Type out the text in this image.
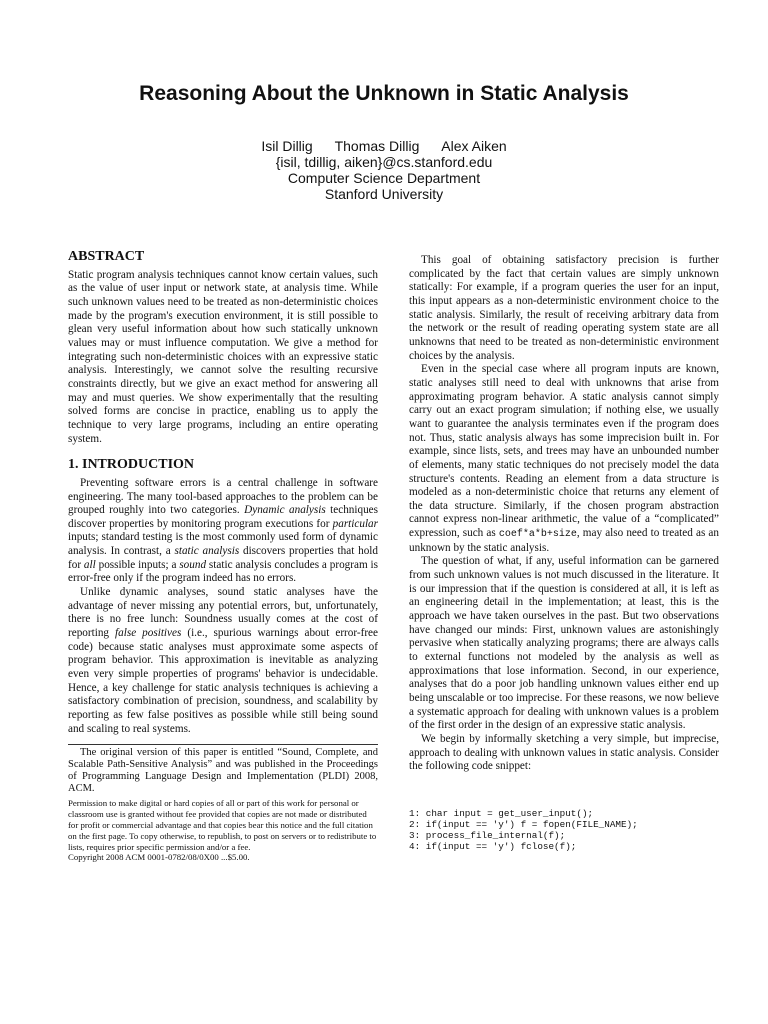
Reasoning About the Unknown in Static Analysis
Isil Dillig Thomas Dillig Alex Aiken
{isil, tdillig, aiken}@cs.stanford.edu
Computer Science Department
Stanford University
ABSTRACT

Static program analysis techniques cannot know certain values, such as the value of user input or network state, at analysis time. While such unknown values need to be treated as non-deterministic choices made by the program's execution environment, it is still possible to glean very useful information about how such statically unknown values may or must influence computation. We give a method for integrating such non-deterministic choices with an expressive static analysis. Interestingly, we cannot solve the resulting recursive constraints directly, but we give an exact method for answering all may and must queries. We show experimentally that the resulting solved forms are concise in practice, enabling us to apply the technique to very large programs, including an entire operating system.

1. INTRODUCTION

Preventing software errors is a central challenge in software engineering. The many tool-based approaches to the problem can be grouped roughly into two categories. Dynamic analysis techniques discover properties by monitoring program executions for particular inputs; standard testing is the most commonly used form of dynamic analysis. In contrast, a static analysis discovers properties that hold for all possible inputs; a sound static analysis concludes a program is error-free only if the program indeed has no errors.

Unlike dynamic analyses, sound static analyses have the advantage of never missing any potential errors, but, unfortunately, there is no free lunch: Soundness usually comes at the cost of reporting false positives (i.e., spurious warnings about error-free code) because static analyses must approximate some aspects of program behavior. This approximation is inevitable as analyzing even very simple properties of programs' behavior is undecidable. Hence, a key challenge for static analysis techniques is achieving a satisfactory combination of precision, soundness, and scalability by reporting as few false positives as possible while still being sound and scaling to real systems.

The original version of this paper is entitled “Sound, Complete, and Scalable Path-Sensitive Analysis” and was published in the Proceedings of Programming Language Design and Implementation (PLDI) 2008, ACM.
Permission to make digital or hard copies of all or part of this work for personal or classroom use is granted without fee provided that copies are not made or distributed for profit or commercial advantage and that copies bear this notice and the full citation on the first page. To copy otherwise, to republish, to post on servers or to redistribute to lists, requires prior specific permission and/or a fee.
Copyright 2008 ACM 0001-0782/08/0X00 ...$5.00.

This goal of obtaining satisfactory precision is further complicated by the fact that certain values are simply unknown statically: For example, if a program queries the user for an input, this input appears as a non-deterministic environment choice to the static analysis. Similarly, the result of receiving arbitrary data from the network or the result of reading operating system state are all unknowns that need to be treated as non-deterministic environment choices by the analysis.

Even in the special case where all program inputs are known, static analyses still need to deal with unknowns that arise from approximating program behavior. A static analysis cannot simply carry out an exact program simulation; if nothing else, we usually want to guarantee the analysis terminates even if the program does not. Thus, static analysis always has some imprecision built in. For example, since lists, sets, and trees may have an unbounded number of elements, many static techniques do not precisely model the data structure's contents. Reading an element from a data structure is modeled as a non-deterministic choice that returns any element of the data structure. Similarly, if the chosen program abstraction cannot express non-linear arithmetic, the value of a “complicated” expression, such as coef*a*b+size, may also need to treated as an unknown by the static analysis.

The question of what, if any, useful information can be garnered from such unknown values is not much discussed in the literature. It is our impression that if the question is considered at all, it is left as an engineering detail in the implementation; at least, this is the approach we have taken ourselves in the past. But two observations have changed our minds: First, unknown values are astonishingly pervasive when statically analyzing programs; there are always calls to external functions not modeled by the analysis as well as approximations that lose information. Second, in our experience, analyses that do a poor job handling unknown values either end up being unscalable or too imprecise. For these reasons, we now believe a systematic approach for dealing with unknown values is a problem of the first order in the design of an expressive static analysis.

We begin by informally sketching a very simple, but imprecise, approach to dealing with unknown values in static analysis. Consider the following code snippet:

1: char input = get_user_input();
2: if(input == 'y') f = fopen(FILE_NAME);
3: process_file_internal(f);
4: if(input == 'y') fclose(f);
